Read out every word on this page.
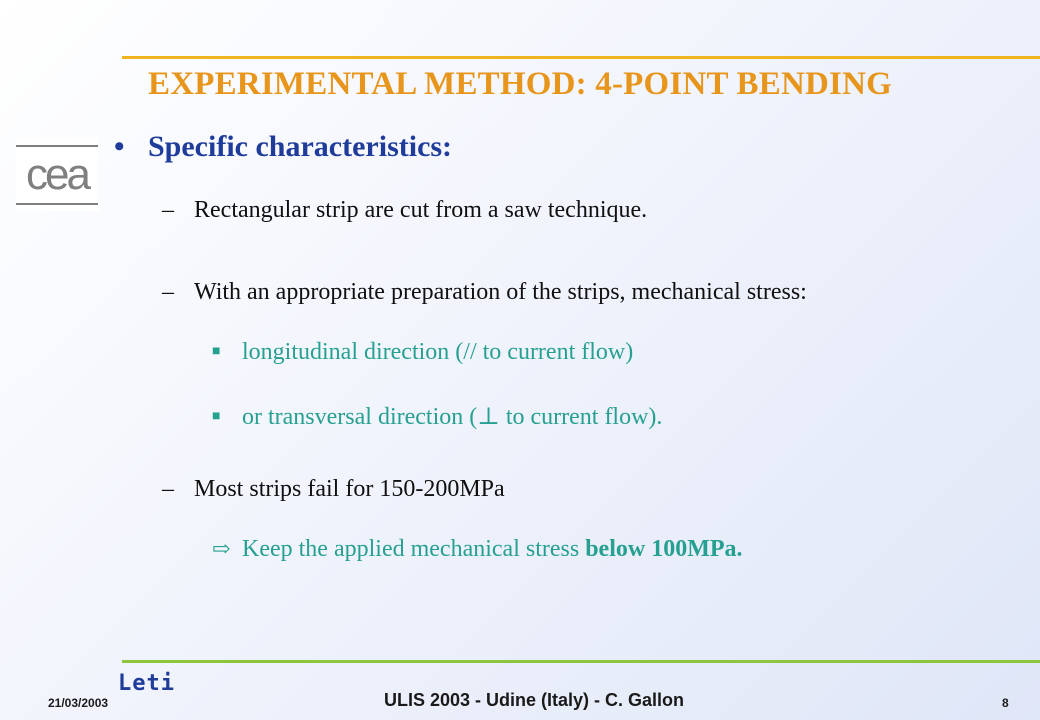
EXPERIMENTAL METHOD: 4-POINT BENDING
cea
• Specific characteristics:
– Rectangular strip are cut from a saw technique.
– With an appropriate preparation of the strips, mechanical stress:
■ longitudinal direction (// to current flow)
■ or transversal direction (⊥ to current flow).
– Most strips fail for 150-200MPa
⇨ Keep the applied mechanical stress below 100MPa.
Leti
21/03/2003	ULIS 2003 - Udine (Italy) - C. Gallon	8
